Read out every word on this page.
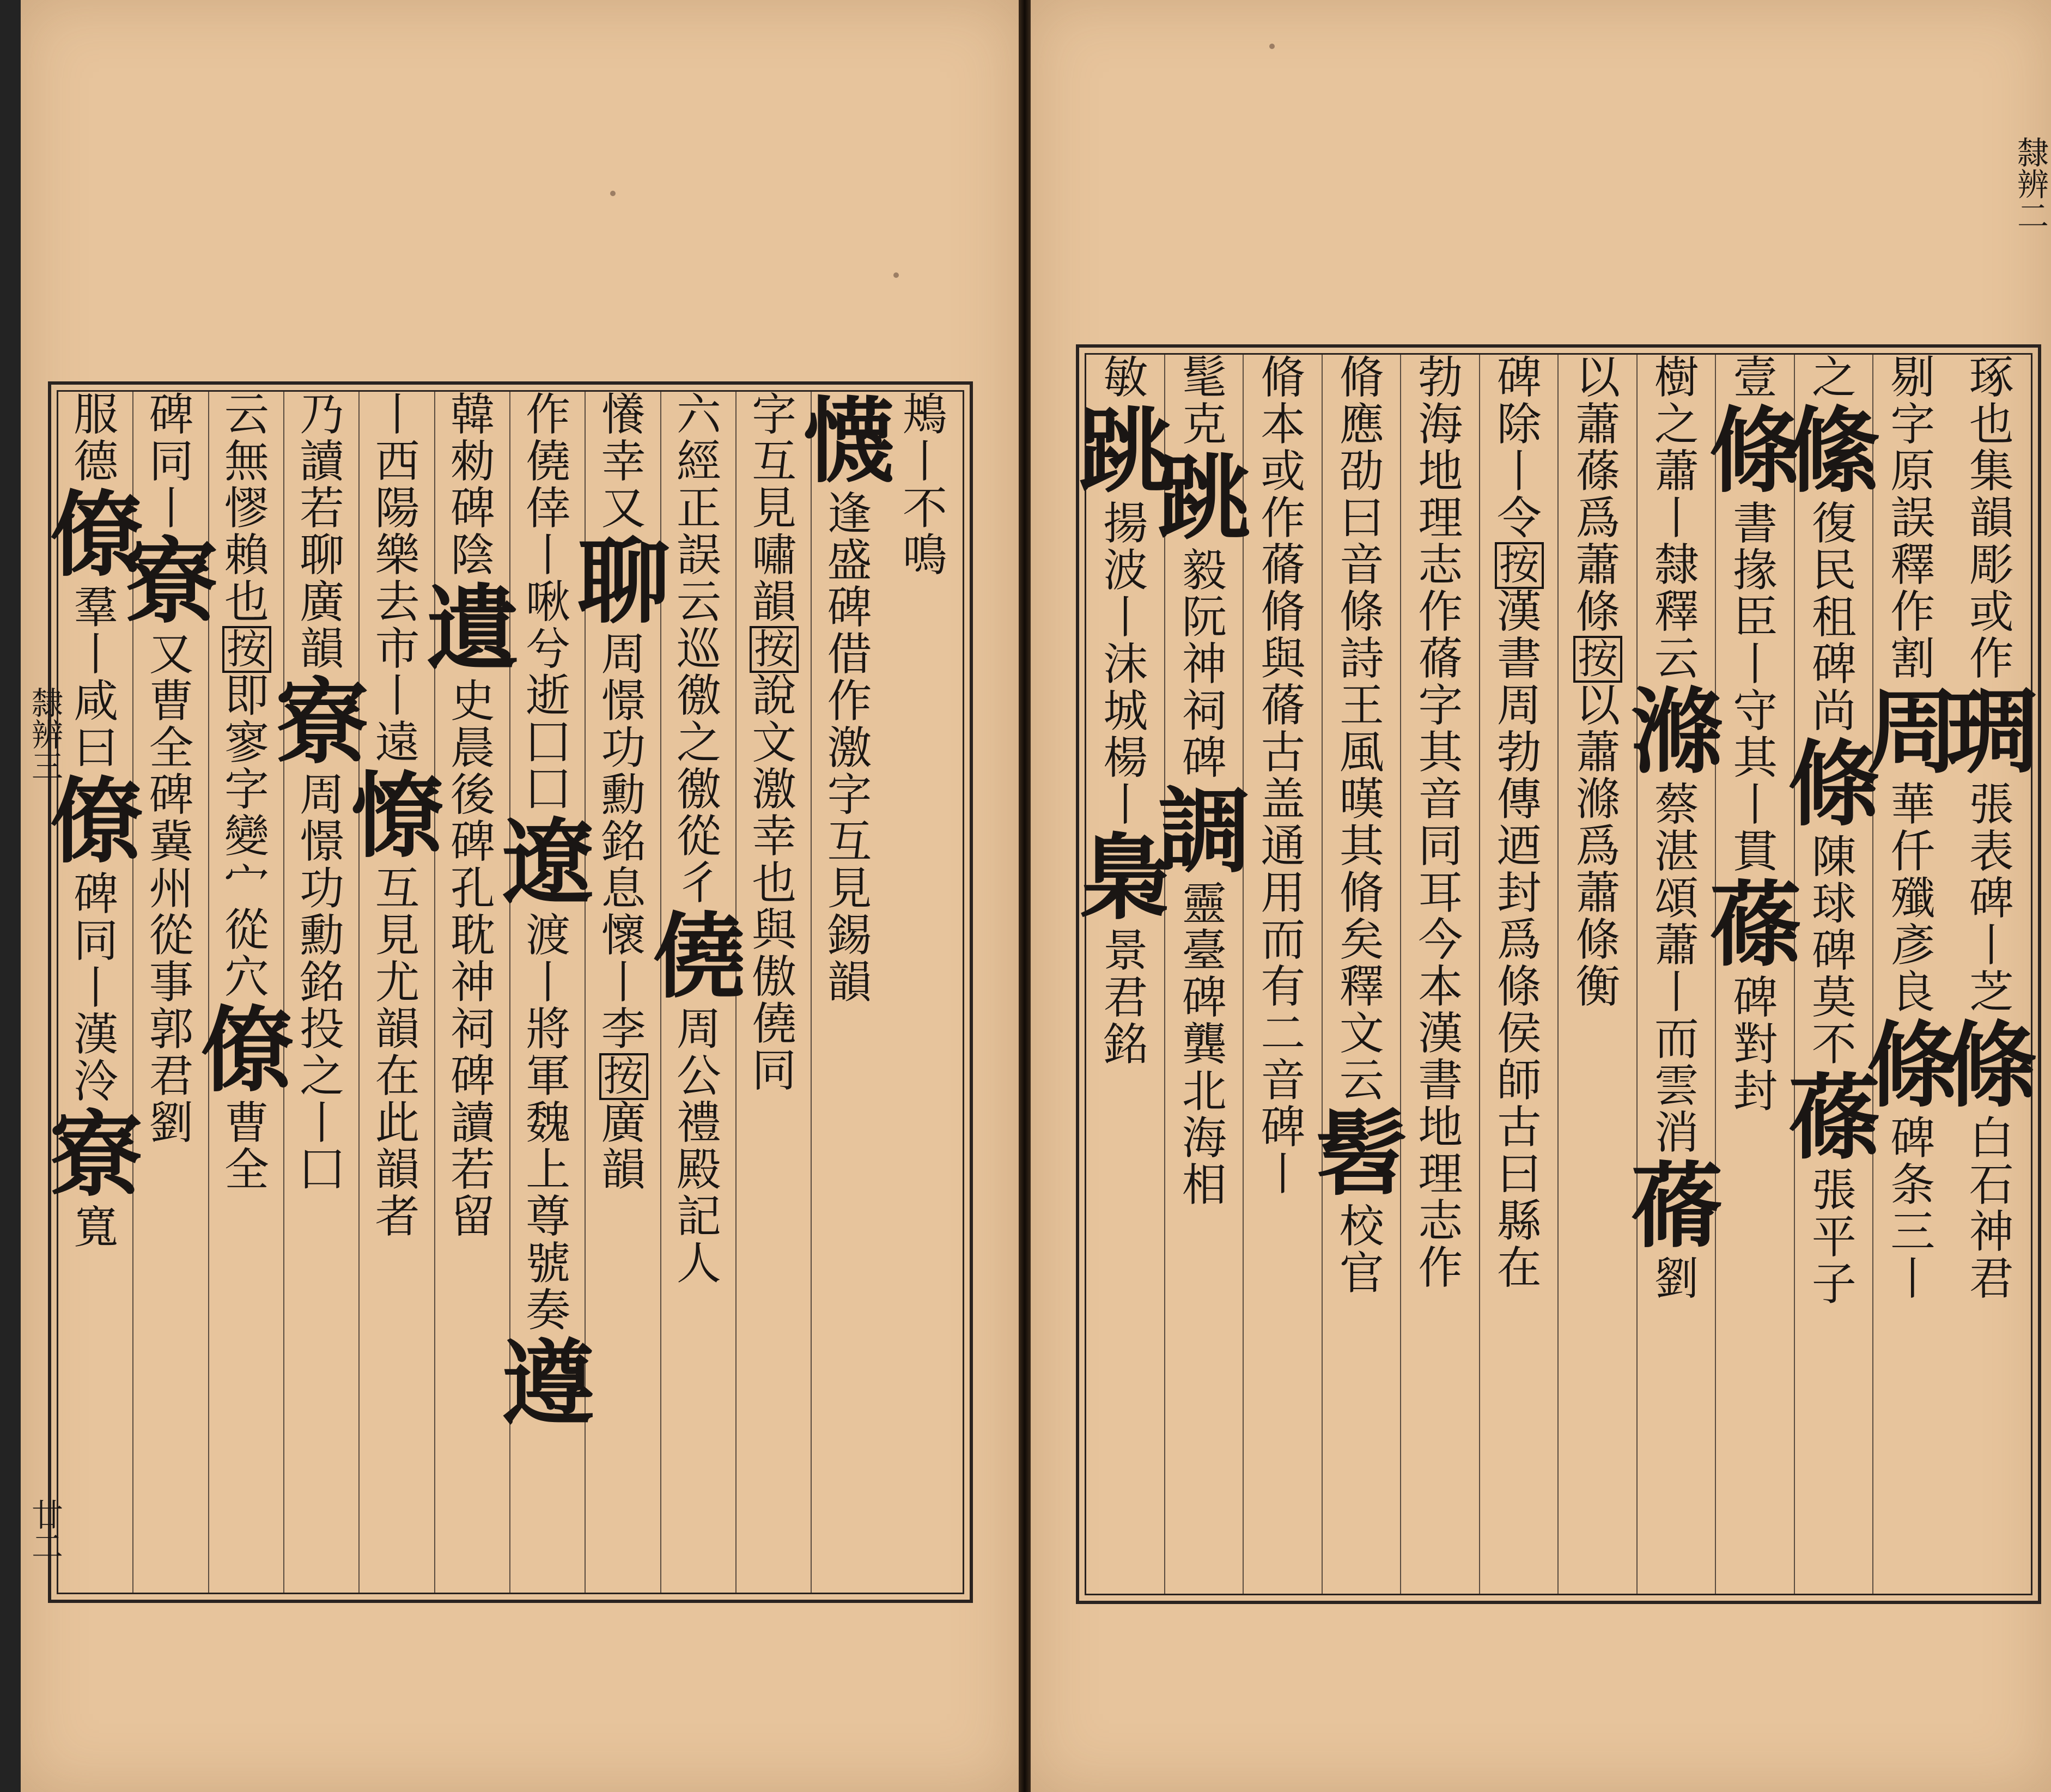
鴂
丨
不
鳴
懱
逢
盛
碑
借
作
激
字
互
見
錫
韻
字
互
見
嘯
韻
按
說
文
激
幸
也
與
傲
僥
同
六
經
正
誤
云
巡
徼
之
徼
從
彳
僥
周
公
禮
殿
記
人
懩
幸
又
聊
周
憬
功
勳
銘
息
懷
丨
李
按
廣
韻
作
僥
倖
丨
啾
兮
逝
囗
囗
遼
渡
丨
將
軍
魏
上
尊
號
奏
遵
韓
勑
碑
陰
遺
史
晨
後
碑
孔
耽
神
祠
碑
讀
若
留
丨
西
陽
樂
去
市
丨
遠
憭
互
見
尤
韻
在
此
韻
者
乃
讀
若
聊
廣
韻
寮
周
憬
功
勳
銘
投
之
丨
囗
云
無
憀
賴
也
按
即
寥
字
變
宀
從
穴
僚
曹
全
碑
同
丨
寮
又
曹
全
碑
冀
州
從
事
郭
君
劉
服
德
僚
羣
丨
咸
曰
僚
碑
同
丨
漢
泠
寮
寬
隸辨三
廿二
琢
也
集
韻
彫
或
作
琱
張
表
碑
丨
芝
條
白
石
神
君
剔
字
原
誤
釋
作
割
周
華
仟
殲
彥
良
條
碑
条
三
丨
之
絛
復
民
租
碑
尚
條
陳
球
碑
莫
不
蓧
張
平
子
壹
條
書
掾
臣
丨
守
其
丨
貫
蓧
碑
對
封
樹
之
蕭
丨
隸
釋
云
滌
蔡
湛
頌
蕭
丨
而
雲
消
蓨
劉
以
蕭
蓧
爲
蕭
條
按
以
蕭
滌
爲
蕭
條
衡
碑
除
丨
令
按
漢
書
周
勃
傳
迺
封
爲
條
侯
師
古
曰
縣
在
勃
海
地
理
志
作
蓨
字
其
音
同
耳
今
本
漢
書
地
理
志
作
脩
應
劭
曰
音
條
詩
王
風
暵
其
脩
矣
釋
文
云
髫
校
官
脩
本
或
作
蓨
脩
與
蓨
古
盖
通
用
而
有
二
音
碑
丨
髦
克
跳
毅
阮
神
祠
碑
調
靈
臺
碑
龔
北
海
相
敏
跳
揚
波
丨
沫
城
楊
丨
梟
景
君
銘
隸辨二
